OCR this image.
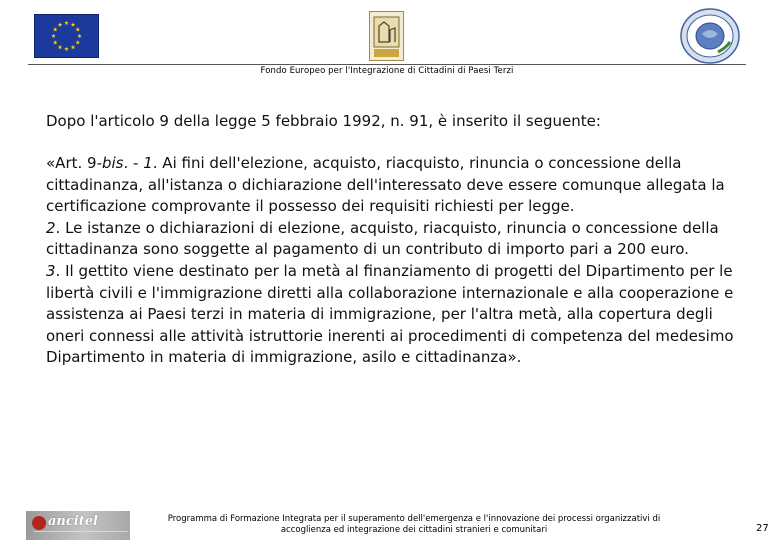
Fondo Europeo per l'Integrazione di Cittadini di Paesi Terzi

Dopo l'articolo 9 della legge 5 febbraio 1992, n. 91, è inserito il seguente:

«Art. 9-bis. - 1. Ai fini dell'elezione, acquisto, riacquisto, rinuncia o concessione della cittadinanza, all'istanza o dichiarazione dell'interessato deve essere comunque allegata la certificazione comprovante il possesso dei requisiti richiesti per legge.

2. Le istanze o dichiarazioni di elezione, acquisto, riacquisto, rinuncia o concessione della cittadinanza sono soggette al pagamento di un contributo di importo pari a 200 euro.

3. Il gettito viene destinato per la metà al finanziamento di progetti del Dipartimento per le libertà civili e l'immigrazione diretti alla collaborazione internazionale e alla cooperazione e assistenza ai Paesi terzi in materia di immigrazione, per l'altra metà, alla copertura degli oneri connessi alle attività istruttorie inerenti ai procedimenti di competenza del medesimo Dipartimento in materia di immigrazione, asilo e cittadinanza».

ancitel	Programma di Formazione Integrata per il superamento dell'emergenza e l'innovazione dei processi organizzativi di
accoglienza ed integrazione dei cittadini stranieri e comunitari	27
